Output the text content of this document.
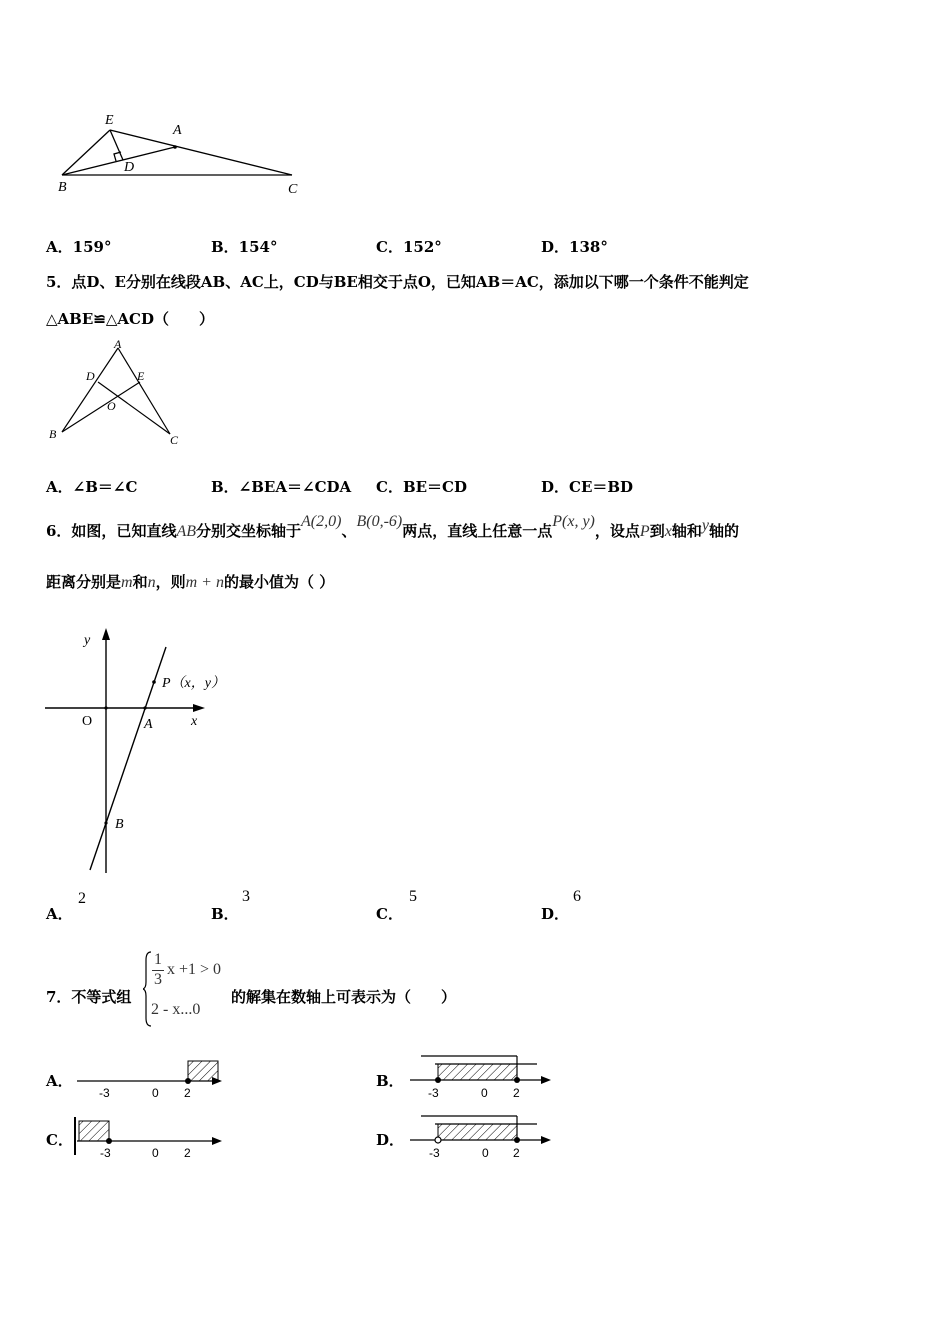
E
A
D
B	C
A．159°	B．154°	C．152°	D．138°
5．点D、E分别在线段AB、AC上，CD与BE相交于点O，已知AB＝AC，添加以下哪一个条件不能判定
△ABE≌△ACD（　　）
A
D	E
O
B	C
A．∠B＝∠C	B．∠BEA＝∠CDA C．BE＝CD	D．CE＝BD
6．如图，已知直线AB分别交坐标轴于A(2,0)、B(0,-6)两点，直线上任意一点P(x, y)，设点P到x轴和y轴的
距离分别是m和n，则m + n的最小值为（ ）
y
O	A	x
B
P（x，y）
A．
2
B．
3
C．
5
D．
6
7．不等式组
1
3
x +1 > 0
2 - x...0
的解集在数轴上可表示为（　　）
A．
-3	0 2
B．
-3	0 2
C．
-3	0 2
D．
-3	0 2
